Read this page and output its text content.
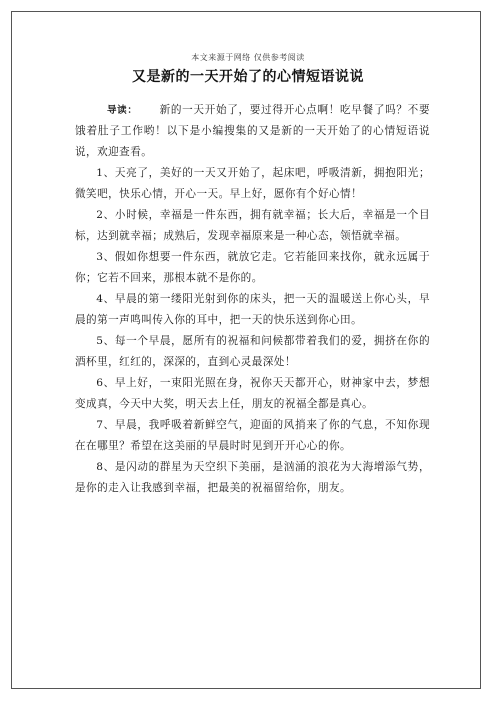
本文来源于网络 仅供参考阅读
又是新的一天开始了的心情短语说说

导读： 新的一天开始了，要过得开心点啊！吃早餐了吗？不要饿着肚子工作哟！以下是小编搜集的又是新的一天开始了的心情短语说说，欢迎查看。

1、天亮了，美好的一天又开始了，起床吧，呼吸清新，拥抱阳光；微笑吧，快乐心情，开心一天。早上好，愿你有个好心情！

2、小时候，幸福是一件东西，拥有就幸福；长大后，幸福是一个目标，达到就幸福；成熟后，发现幸福原来是一种心态，领悟就幸福。

3、假如你想要一件东西，就放它走。它若能回来找你，就永远属于你；它若不回来，那根本就不是你的。

4、早晨的第一缕阳光射到你的床头，把一天的温暖送上你心头，早晨的第一声鸣叫传入你的耳中，把一天的快乐送到你心田。

5、每一个早晨，愿所有的祝福和问候都带着我们的爱，拥挤在你的酒杯里，红红的，深深的，直到心灵最深处！

6、早上好，一束阳光照在身，祝你天天都开心，财神家中去，梦想变成真，今天中大奖，明天去上任，朋友的祝福全都是真心。

7、早晨，我呼吸着新鲜空气，迎面的风捎来了你的气息，不知你现在在哪里？希望在这美丽的早晨时时见到开开心心的你。

8、是闪动的群星为天空织下美丽，是汹涌的浪花为大海增添气势，是你的走入让我感到幸福，把最美的祝福留给你，朋友。
